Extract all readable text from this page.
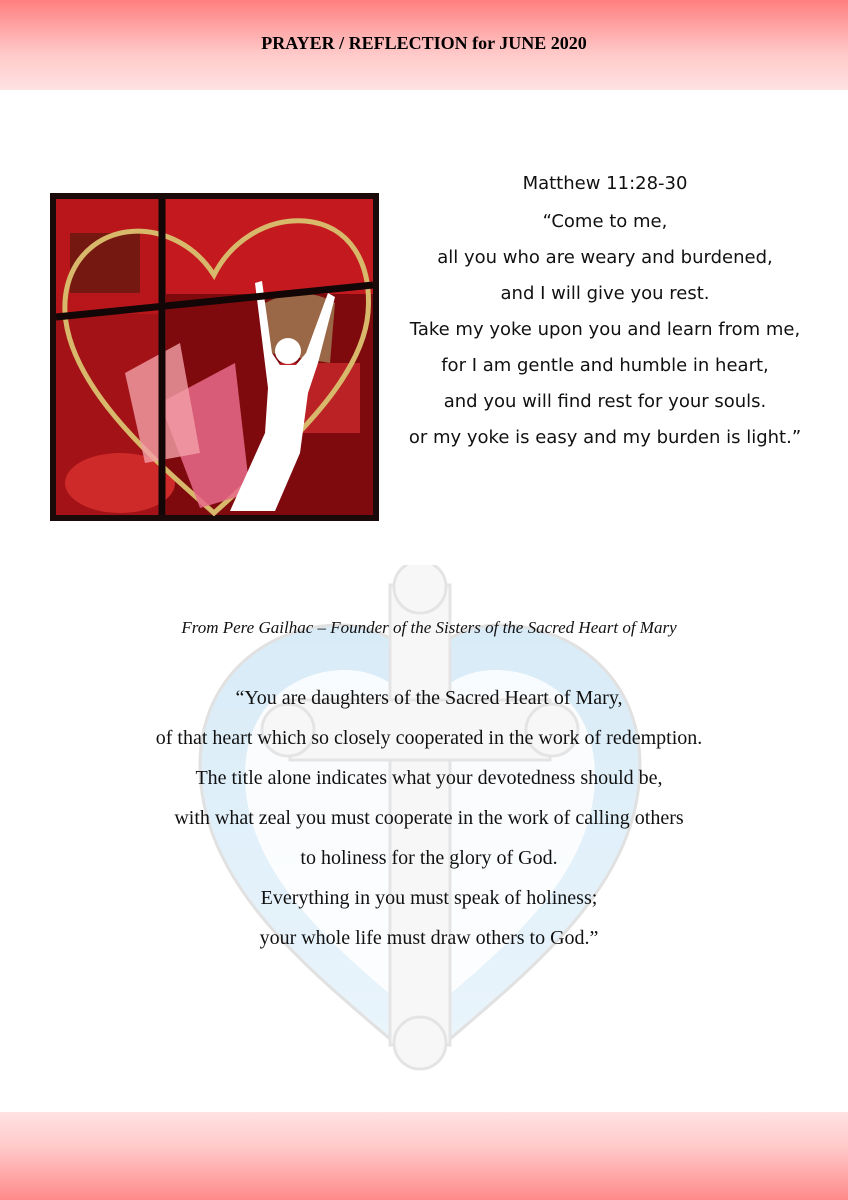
PRAYER / REFLECTION for JUNE 2020

Matthew 11:28-30

“Come to me,

all you who are weary and burdened,

and I will give you rest.

Take my yoke upon you and learn from me,

for I am gentle and humble in heart,

and you will find rest for your souls.

or my yoke is easy and my burden is light.”

From Pere Gailhac – Founder of the Sisters of the Sacred Heart of Mary

“You are daughters of the Sacred Heart of Mary,

of that heart which so closely cooperated in the work of redemption.

The title alone indicates what your devotedness should be,

with what zeal you must cooperate in the work of calling others

to holiness for the glory of God.

Everything in you must speak of holiness;

your whole life must draw others to God.”
